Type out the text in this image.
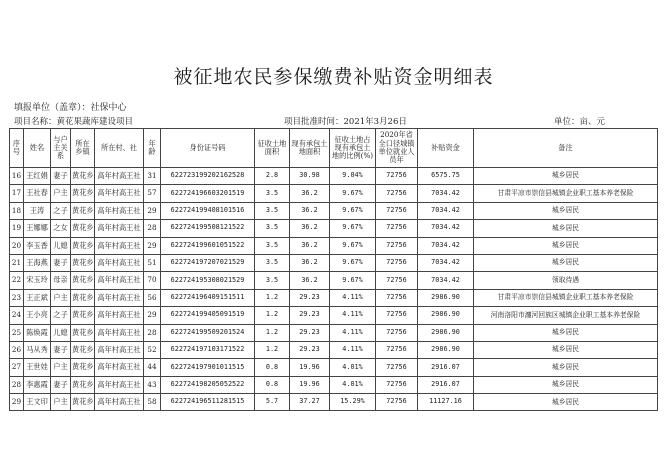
被征地农民参保缴费补贴资金明细表
填报单位（盖章）：社保中心
项目名称：黄花果蔬库建设项目	项目批准时间：2021年3月26日	单位：亩、元
序号	姓名	与户主关系	所在乡镇	所在村、社	年龄	身份证号码	征收土地面积	现有承包土地面积	征收土地占现有承包土地的比例(%)	2020年省全口径城镇单位就业人员年	补贴资金	备注
16	王红娟	妻子	黄花乡	高年村高王社	31	622723199202162528	2.8	30.98	9.04%	72756	6575.75	城乡居民
17	王社春	户主	黄花乡	高年村高王社	57	622724196603201519	3.5	36.2	9.67%	72756	7034.42	甘肃平凉市崇信县城镇企业职工基本养老保险
18	王涛	之子	黄花乡	高年村高王社	29	622724199408101516	3.5	36.2	9.67%	72756	7034.42	城乡居民
19	王娜娜	之女	黄花乡	高年村高王社	28	622724199508121522	3.5	36.2	9.67%	72756	7034.42	城乡居民
20	李玉香	儿媳	黄花乡	高年村高王社	29	622724199601051522	3.5	36.2	9.67%	72756	7034.42	城乡居民
21	王海燕	妻子	黄花乡	高年村高王社	51	622724197207021529	3.5	36.2	9.67%	72756	7034.42	城乡居民
22	宋玉玲	母亲	黄花乡	高年村高王社	70	622724195308021529	3.5	36.2	9.67%	72756	7034.42	领取待遇
23	王正斌	户主	黄花乡	高年村高王社	56	622724196409151511	1.2	29.23	4.11%	72756	2986.90	甘肃平凉市崇信县城镇企业职工基本养老保险
24	王小亮	之子	黄花乡	高年村高王社	29	622724199405091519	1.2	29.23	4.11%	72756	2986.90	河南洛阳市瀍河回族区城镇企业职工基本养老保险
25	陈焕霞	儿媳	黄花乡	高年村高王社	28	622724199509201524	1.2	29.23	4.11%	72756	2986.90	城乡居民
26	马从秀	妻子	黄花乡	高年村高王社	52	622724197103171522	1.2	29.23	4.11%	72756	2986.90	城乡居民
27	王世娃	户主	黄花乡	高年村高王社	44	622724197901011515	0.8	19.96	4.01%	72756	2916.07	城乡居民
28	李惠霞	妻子	黄花乡	高年村高王社	43	622724198205052522	0.8	19.96	4.01%	72756	2916.07	城乡居民
29	王文印	户主	黄花乡	高年村高王社	58	622724196511281515	5.7	37.27	15.29%	72756	11127.16	城乡居民
